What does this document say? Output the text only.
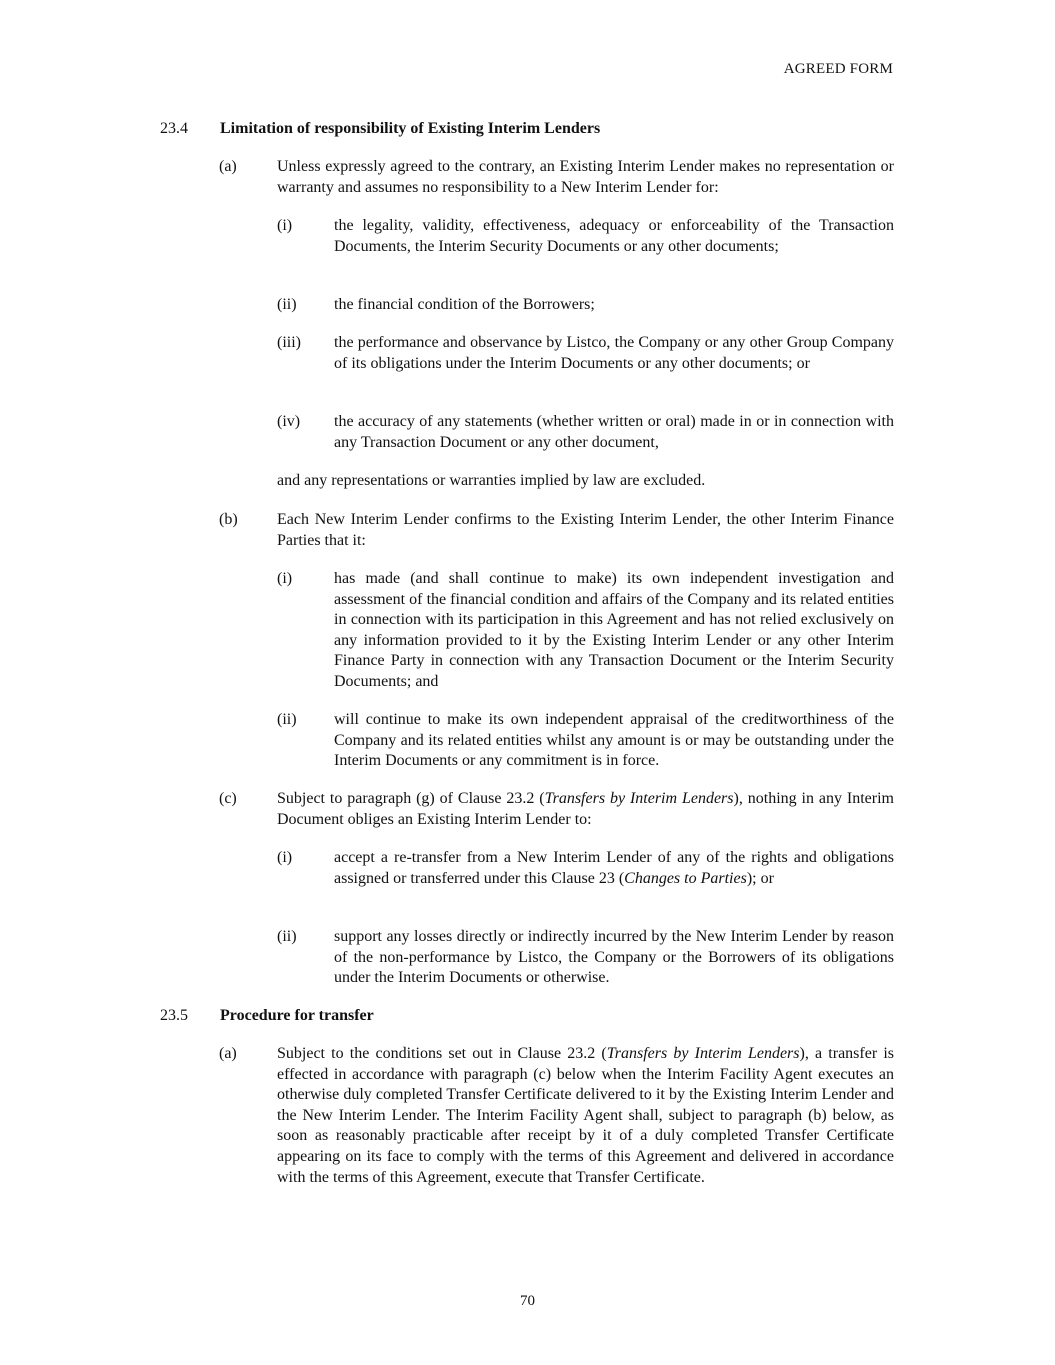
AGREED FORM
23.4 Limitation of responsibility of Existing Interim Lenders
(a)	Unless expressly agreed to the contrary, an Existing Interim Lender makes no representation or warranty and assumes no responsibility to a New Interim Lender for:
(i)	the legality, validity, effectiveness, adequacy or enforceability of the Transaction Documents, the Interim Security Documents or any other documents;
(ii) the financial condition of the Borrowers;
(iii) the performance and observance by Listco, the Company or any other Group Company of its obligations under the Interim Documents or any other documents; or
(iv) the accuracy of any statements (whether written or oral) made in or in connection with any Transaction Document or any other document,
and any representations or warranties implied by law are excluded.
(b) Each New Interim Lender confirms to the Existing Interim Lender, the other Interim Finance Parties that it:
(i)	has made (and shall continue to make) its own independent investigation and assessment of the financial condition and affairs of the Company and its related entities in connection with its participation in this Agreement and has not relied exclusively on any information provided to it by the Existing Interim Lender or any other Interim Finance Party in connection with any Transaction Document or the Interim Security Documents; and
(ii) will continue to make its own independent appraisal of the creditworthiness of the Company and its related entities whilst any amount is or may be outstanding under the Interim Documents or any commitment is in force.
(c)	Subject to paragraph (g) of Clause 23.2 (Transfers by Interim Lenders), nothing in any Interim Document obliges an Existing Interim Lender to:
(i)	accept a re-transfer from a New Interim Lender of any of the rights and obligations assigned or transferred under this Clause 23 (Changes to Parties); or
(ii) support any losses directly or indirectly incurred by the New Interim Lender by reason of the non-performance by Listco, the Company or the Borrowers of its obligations under the Interim Documents or otherwise.
23.5 Procedure for transfer
(a)	Subject to the conditions set out in Clause 23.2 (Transfers by Interim Lenders), a transfer is effected in accordance with paragraph (c) below when the Interim Facility Agent executes an otherwise duly completed Transfer Certificate delivered to it by the Existing Interim Lender and the New Interim Lender. The Interim Facility Agent shall, subject to paragraph (b) below, as soon as reasonably practicable after receipt by it of a duly completed Transfer Certificate appearing on its face to comply with the terms of this Agreement and delivered in accordance with the terms of this Agreement, execute that Transfer Certificate.
70
